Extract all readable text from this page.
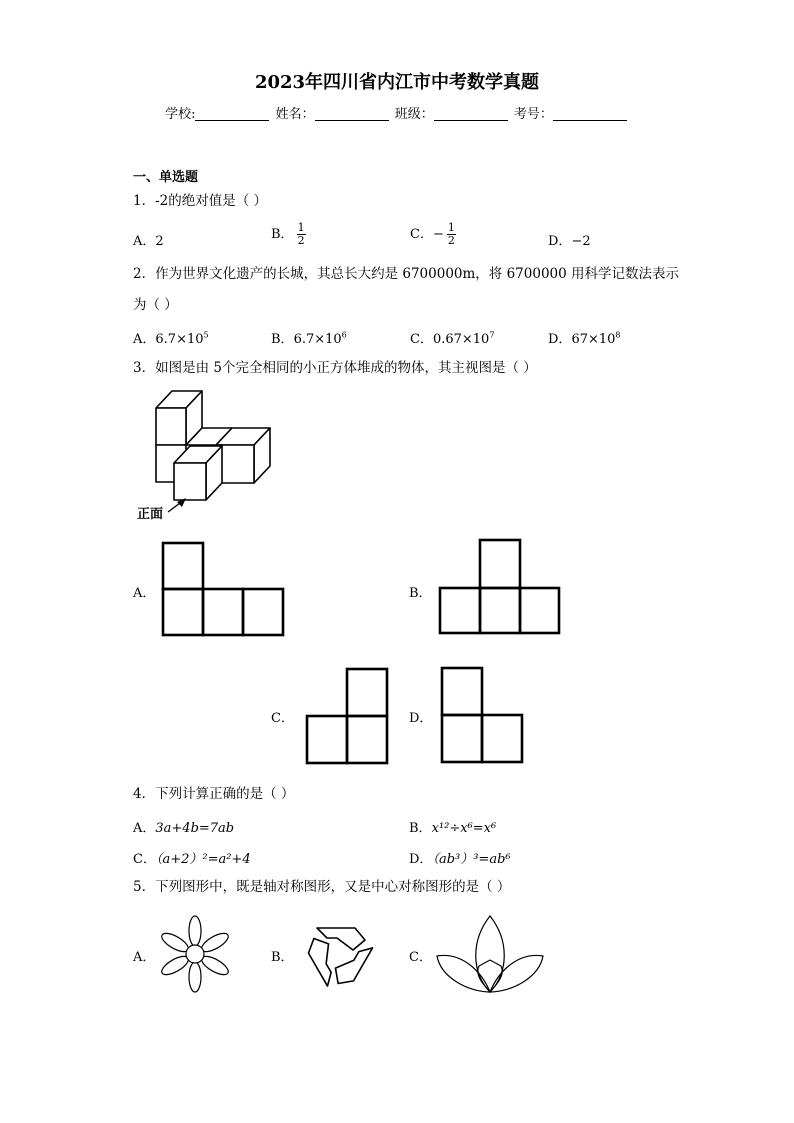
2023年四川省内江市中考数学真题
学校:	姓名：	班级：	考号：
一、单选题
1．-2的绝对值是（ ）
A．2	B． $\frac{1}{2}$	C．− $\frac{1}{2}$	D．−2
2．作为世界文化遗产的长城，其总长大约是 6700000m，将 6700000 用科学记数法表示
为（ ）
A．$6.7\times 10^5$	B．$6.7\times 10^6$	C．$0.67\times 10^7$	D．$67\times 10^8$
3．如图是由 5个完全相同的小正方体堆成的物体，其主视图是（ ）
正面
A．	B．
C．	D．
4．下列计算正确的是（ ）
A．3a+4b=7ab	B．x¹²÷x⁶=x⁶
C．（a+2）²=a²+4	D．（ab³）³=ab⁶
5．下列图形中，既是轴对称图形，又是中心对称图形的是（ ）
A．	B．	C．
